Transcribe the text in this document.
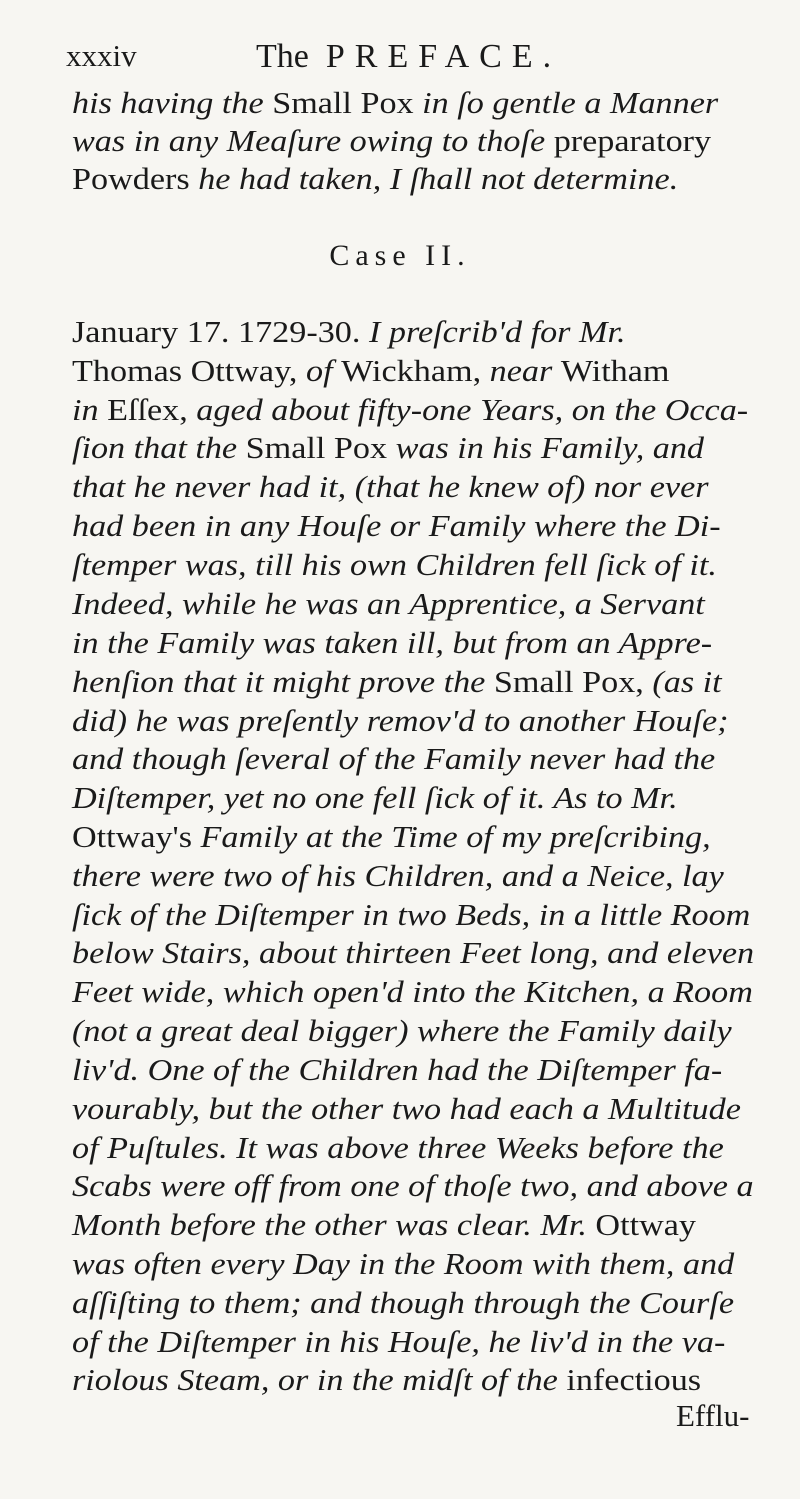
xxxiv	The PREFACE.
Case II.
his having the Small Pox in ſo gentle a Manner
was in any Meaſure owing to thoſe preparatory
Powders he had taken, I ſhall not determine.
January 17. 1729-30. I preſcrib'd for Mr.
Thomas Ottway, of Wickham, near Witham
in Eſſex, aged about fifty-one Years, on the Occa-
ſion that the Small Pox was in his Family, and
that he never had it, (that he knew of) nor ever
had been in any Houſe or Family where the Di-
ſtemper was, till his own Children fell ſick of it.
Indeed, while he was an Apprentice, a Servant
in the Family was taken ill, but from an Appre-
henſion that it might prove the Small Pox, (as it
did) he was preſently remov'd to another Houſe;
and though ſeveral of the Family never had the
Diſtemper, yet no one fell ſick of it. As to Mr.
Ottway's Family at the Time of my preſcribing,
there were two of his Children, and a Neice, lay
ſick of the Diſtemper in two Beds, in a little Room
below Stairs, about thirteen Feet long, and eleven
Feet wide, which open'd into the Kitchen, a Room
(not a great deal bigger) where the Family daily
liv'd. One of the Children had the Diſtemper fa-
vourably, but the other two had each a Multitude
of Puſtules. It was above three Weeks before the
Scabs were off from one of thoſe two, and above a
Month before the other was clear. Mr. Ottway
was often every Day in the Room with them, and
aſſiſting to them; and though through the Courſe
of the Diſtemper in his Houſe, he liv'd in the va-
riolous Steam, or in the midſt of the infectious
Efflu-
